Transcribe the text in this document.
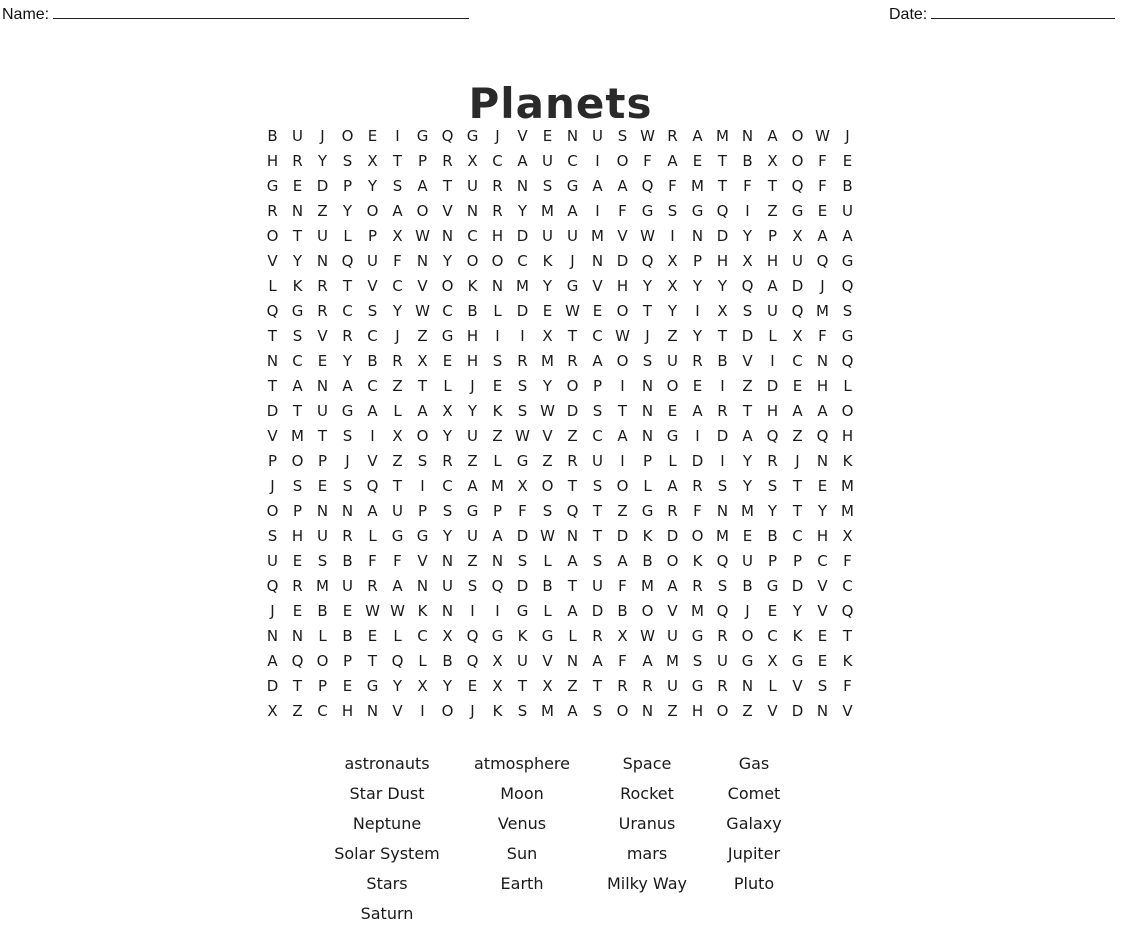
Name:	Date:
Planets
B U	J	O E	I	G Q G	J	V	E N U S W R A M N A O W	J
H R	Y	S	X	T	P	R X C A U C	I	O F	A	E	T	B X O F	E
G E D P	Y	S	A	T U R N S G A A Q F M T	F	T Q F	B
R N Z	Y O A O V N R	Y M A	I	F G S G Q	I	Z G E U
O T U	L	P	X W N C H D U U M V W	I	N D Y	P	X A A
V	Y N Q U	F	N Y O O C K	J	N D Q X	P H X H U Q G
L	K R	T	V C V O K N M Y G V H Y	X	Y	Y Q A D	J	Q
Q G R C	S	Y W C B	L	D E W E O T	Y	I	X	S U Q M S
T	S	V R C	J	Z G H	I	I	X	T	C W	J	Z	Y	T D	L	X	F G
N C	E	Y	B R X	E H S	R M R A O S U R B V	I	C N Q
T	A N A C Z	T	L	J	E	S	Y O P	I	N O E	I	Z D E H	L
D T U G A	L	A X	Y	K	S W D S	T N E	A R	T H A A O
V M T	S	I	X O Y U Z W V Z C A N G	I	D A Q Z Q H
P O P	J	V Z	S	R Z	L	G Z R U	I	P	L	D	I	Y	R	J	N K
J	S	E	S Q T	I	C A M X O T	S O L	A R	S	Y	S	T	E M
O P N N A U P	S G P	F	S Q T	Z G R	F	N M Y	T	Y M
S H U R	L	G G Y U A D W N T D K D O M E	B C H X
U E	S	B	F	F	V N Z N S	L	A	S	A B O K Q U P	P	C	F
Q R M U R A N U S Q D B	T U	F M A R	S	B G D V C
J	E	B	E W W K N	I	I	G	L	A D B O V M Q	J	E	Y	V Q
N N	L	B	E	L	C X Q G K G	L	R X W U G R O C K	E	T
A Q O P	T Q L	B Q X U V N A	F	A M S U G X G E	K
D T	P	E G Y	X	Y	E	X	T	X Z	T	R R U G R N	L	V	S	F
X Z C H N V	I	O	J	K	S M A	S O N Z H O Z V D N V
astronauts	atmosphere	Space	Gas
Star Dust	Moon	Rocket	Comet
Neptune	Venus	Uranus	Galaxy
Solar System	Sun	mars	Jupiter
Stars	Earth	Milky Way	Pluto
Saturn
